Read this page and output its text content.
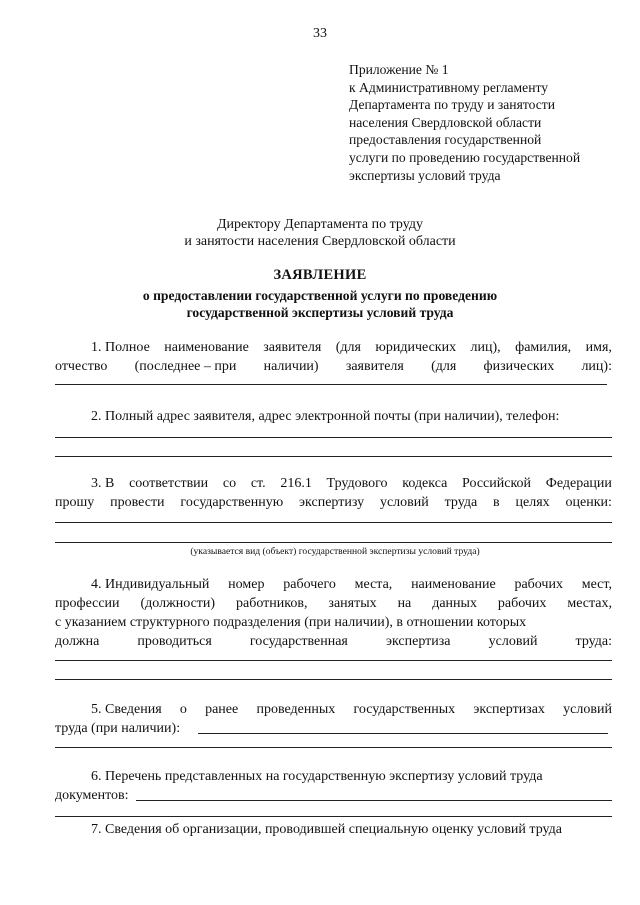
33
Приложение № 1
к Административному регламенту
Департамента по труду и занятости
населения Свердловской области
предоставления государственной
услуги по проведению государственной
экспертизы условий труда
Директору Департамента по труду
и занятости населения Свердловской области
ЗАЯВЛЕНИЕ
о предоставлении государственной услуги по проведению
государственной экспертизы условий труда
1. Полное наименование заявителя (для юридических лиц), фамилия, имя,
отчество (последнее – при наличии) заявителя (для физических лиц):
2. Полный адрес заявителя, адрес электронной почты (при наличии), телефон:
3. В соответствии со ст. 216.1 Трудового кодекса Российской Федерации
прошу провести государственную экспертизу условий труда в целях оценки:
(указывается вид (объект) государственной экспертизы условий труда)
4. Индивидуальный номер рабочего места, наименование рабочих мест,
профессии (должности) работников, занятых на данных рабочих местах,
с указанием структурного подразделения (при наличии), в отношении которых
должна	проводиться	государственная	экспертиза	условий	труда:
5. Сведения о ранее проведенных государственных экспертизах условий
труда (при наличии):
6. Перечень представленных на государственную экспертизу условий труда
документов:
7. Сведения об организации, проводившей специальную оценку условий труда
